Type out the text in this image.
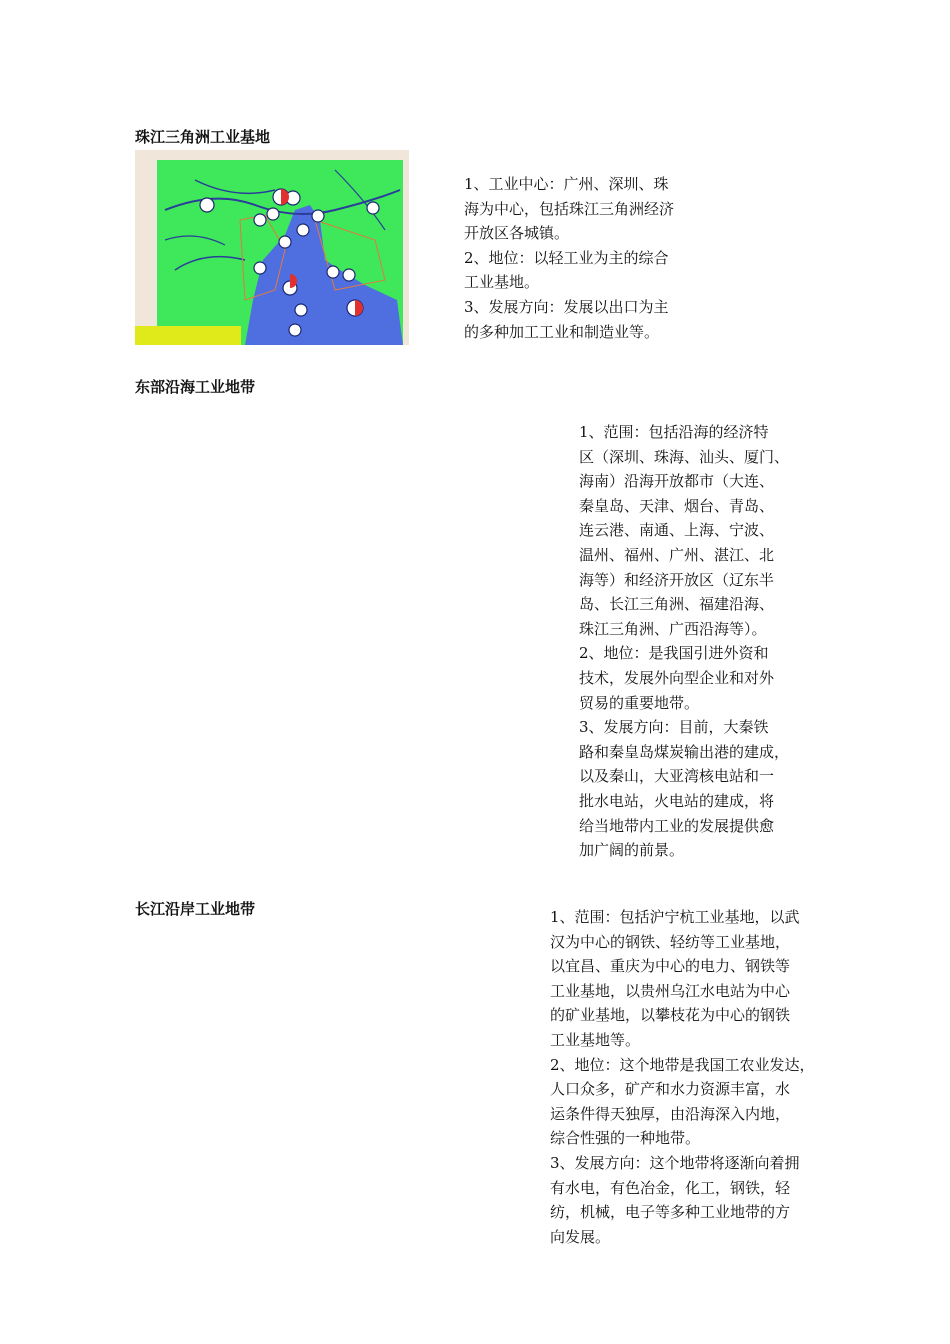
珠江三角洲工业基地

1、工业中心：广州、深圳、珠

海为中心，包括珠江三角洲经济

开放区各城镇。

2、地位：以轻工业为主的综合

工业基地。

3、发展方向：发展以出口为主

的多种加工工业和制造业等。

东部沿海工业地带

1、范围：包括沿海的经济特

区（深圳、珠海、汕头、厦门、

海南）沿海开放都市（大连、

秦皇岛、天津、烟台、青岛、

连云港、南通、上海、宁波、

温州、福州、广州、湛江、北

海等）和经济开放区（辽东半

岛、长江三角洲、福建沿海、

珠江三角洲、广西沿海等）。

2、地位：是我国引进外资和

技术，发展外向型企业和对外

贸易的重要地带。

3、发展方向：目前，大秦铁

路和秦皇岛煤炭输出港的建成，

以及秦山，大亚湾核电站和一

批水电站，火电站的建成，将

给当地带内工业的发展提供愈

加广阔的前景。

长江沿岸工业地带	1、范围：包括沪宁杭工业基地，以武

汉为中心的钢铁、轻纺等工业基地，

以宜昌、重庆为中心的电力、钢铁等

工业基地，以贵州乌江水电站为中心

的矿业基地，以攀枝花为中心的钢铁

工业基地等。

2、地位：这个地带是我国工农业发达，

人口众多，矿产和水力资源丰富，水

运条件得天独厚，由沿海深入内地，

综合性强的一种地带。

3、发展方向：这个地带将逐渐向着拥

有水电，有色冶金，化工，钢铁，轻

纺，机械，电子等多种工业地带的方

向发展。
